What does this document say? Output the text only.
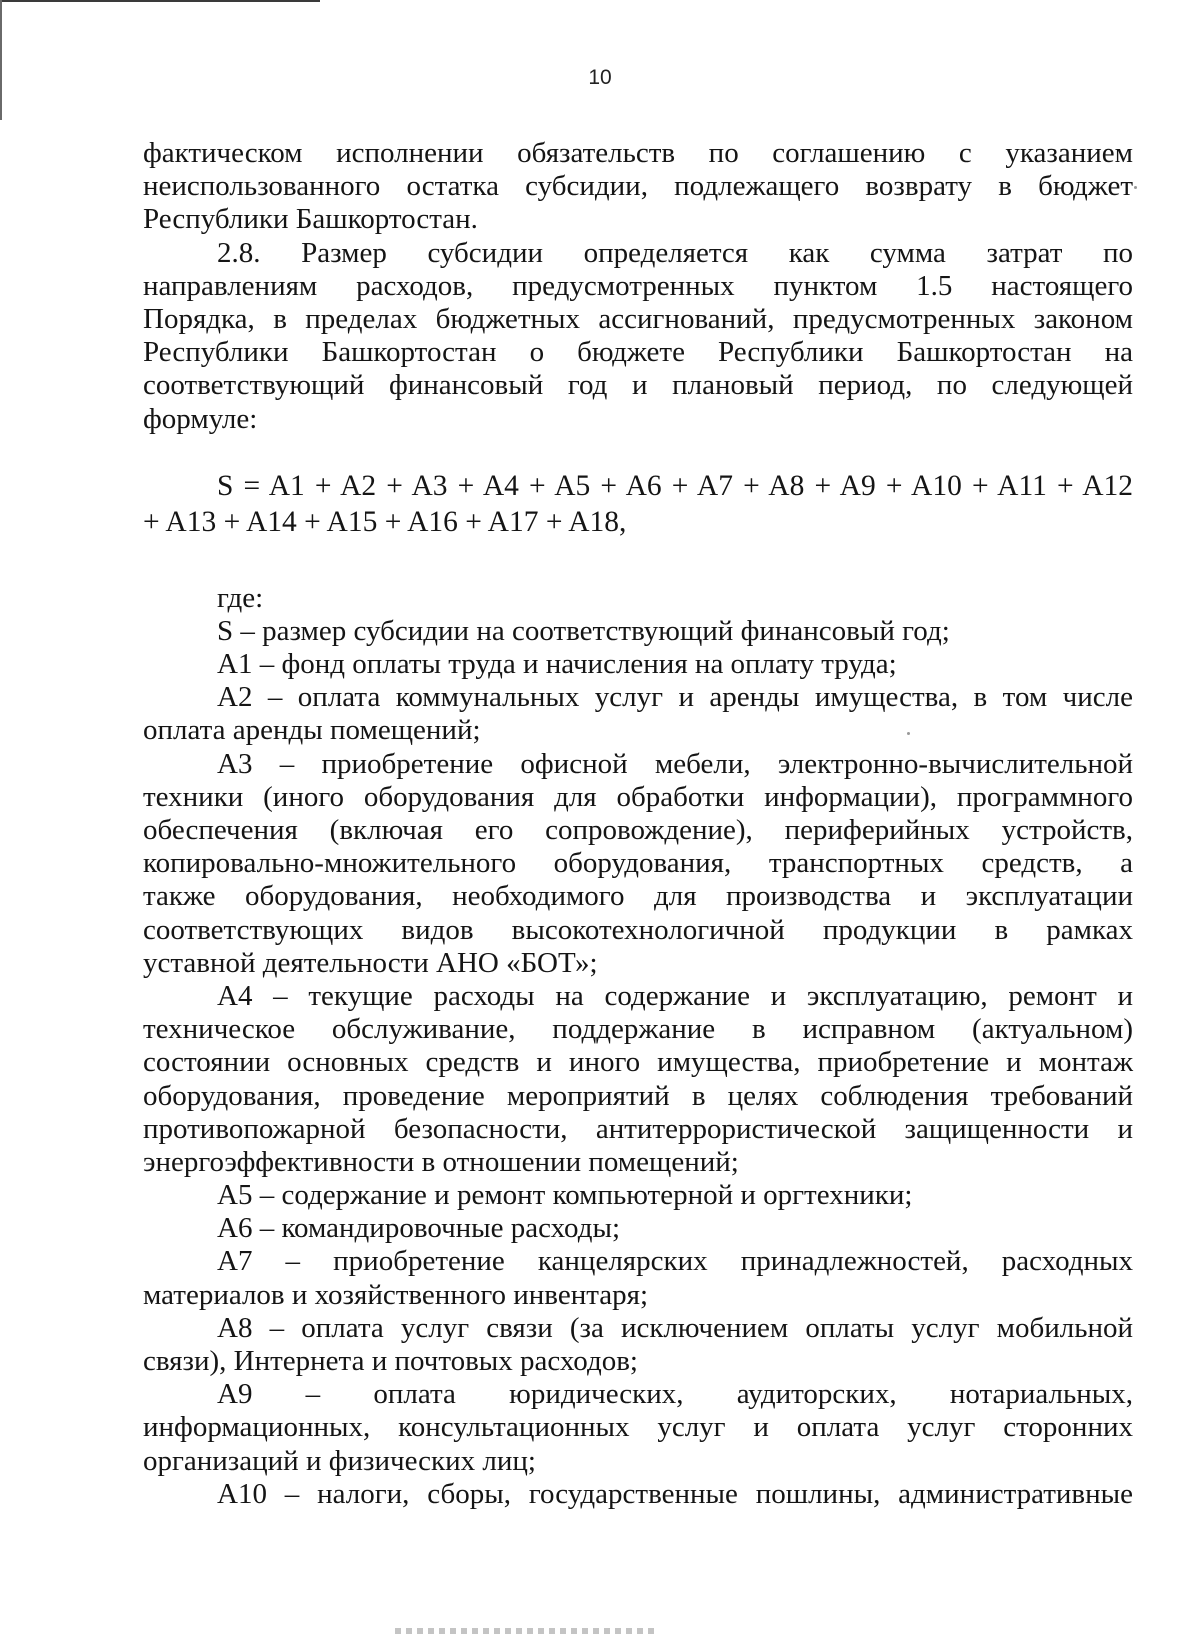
10
фактическом исполнении обязательств по соглашению с указанием
неиспользованного остатка субсидии, подлежащего возврату в бюджет
Республики Башкортостан.
2.8. Размер субсидии определяется как сумма затрат по
направлениям расходов, предусмотренных пунктом 1.5 настоящего
Порядка, в пределах бюджетных ассигнований, предусмотренных законом
Республики Башкортостан о бюджете Республики Башкортостан на
соответствующий финансовый год и плановый период, по следующей
формуле:
S = A1 + A2 + A3 + A4 + A5 + A6 + A7 + A8 + A9 + A10 + A11 + A12
+ A13 + A14 + A15 + A16 + A17 + A18,
где:
S – размер субсидии на соответствующий финансовый год;
А1 – фонд оплаты труда и начисления на оплату труда;
А2 – оплата коммунальных услуг и аренды имущества, в том числе
оплата аренды помещений;
А3 – приобретение офисной мебели, электронно-вычислительной
техники (иного оборудования для обработки информации), программного
обеспечения (включая его сопровождение), периферийных устройств,
копировально-множительного оборудования, транспортных средств, а
также оборудования, необходимого для производства и эксплуатации
соответствующих видов высокотехнологичной продукции в рамках
уставной деятельности АНО «БОТ»;
А4 – текущие расходы на содержание и эксплуатацию, ремонт и
техническое обслуживание, поддержание в исправном (актуальном)
состоянии основных средств и иного имущества, приобретение и монтаж
оборудования, проведение мероприятий в целях соблюдения требований
противопожарной безопасности, антитеррористической защищенности и
энергоэффективности в отношении помещений;
А5 – содержание и ремонт компьютерной и оргтехники;
А6 – командировочные расходы;
А7 – приобретение канцелярских принадлежностей, расходных
материалов и хозяйственного инвентаря;
А8 – оплата услуг связи (за исключением оплаты услуг мобильной
связи), Интернета и почтовых расходов;
А9 – оплата юридических, аудиторских, нотариальных,
информационных, консультационных услуг и оплата услуг сторонних
организаций и физических лиц;
А10 – налоги, сборы, государственные пошлины, административные
